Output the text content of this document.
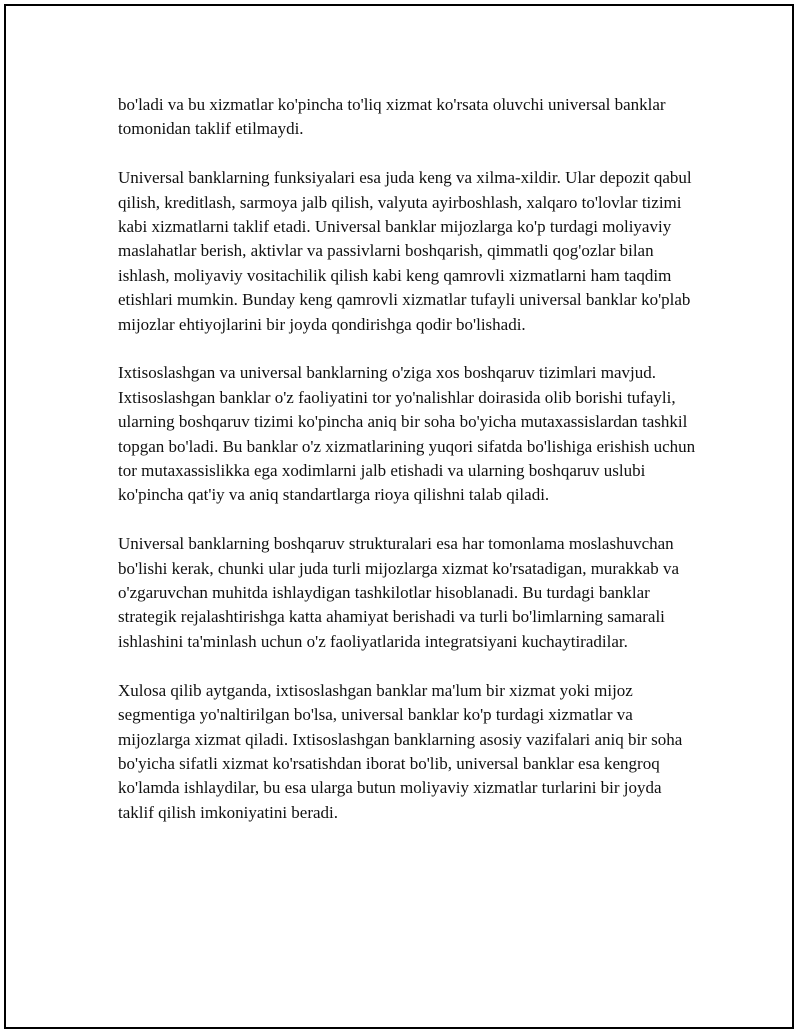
bo'ladi va bu xizmatlar ko'pincha to'liq xizmat ko'rsata oluvchi universal banklar tomonidan taklif etilmaydi.

Universal banklarning funksiyalari esa juda keng va xilma-xildir. Ular depozit qabul qilish, kreditlash, sarmoya jalb qilish, valyuta ayirboshlash, xalqaro to'lovlar tizimi kabi xizmatlarni taklif etadi. Universal banklar mijozlarga ko'p turdagi moliyaviy maslahatlar berish, aktivlar va passivlarni boshqarish, qimmatli qog'ozlar bilan ishlash, moliyaviy vositachilik qilish kabi keng qamrovli xizmatlarni ham taqdim etishlari mumkin. Bunday keng qamrovli xizmatlar tufayli universal banklar ko'plab mijozlar ehtiyojlarini bir joyda qondirishga qodir bo'lishadi.

Ixtisoslashgan va universal banklarning o'ziga xos boshqaruv tizimlari mavjud. Ixtisoslashgan banklar o'z faoliyatini tor yo'nalishlar doirasida olib borishi tufayli, ularning boshqaruv tizimi ko'pincha aniq bir soha bo'yicha mutaxassislardan tashkil topgan bo'ladi. Bu banklar o'z xizmatlarining yuqori sifatda bo'lishiga erishish uchun tor mutaxassislikka ega xodimlarni jalb etishadi va ularning boshqaruv uslubi ko'pincha qat'iy va aniq standartlarga rioya qilishni talab qiladi.

Universal banklarning boshqaruv strukturalari esa har tomonlama moslashuvchan bo'lishi kerak, chunki ular juda turli mijozlarga xizmat ko'rsatadigan, murakkab va o'zgaruvchan muhitda ishlaydigan tashkilotlar hisoblanadi. Bu turdagi banklar strategik rejalashtirishga katta ahamiyat berishadi va turli bo'limlarning samarali ishlashini ta'minlash uchun o'z faoliyatlarida integratsiyani kuchaytiradilar.

Xulosa qilib aytganda, ixtisoslashgan banklar ma'lum bir xizmat yoki mijoz segmentiga yo'naltirilgan bo'lsa, universal banklar ko'p turdagi xizmatlar va mijozlarga xizmat qiladi. Ixtisoslashgan banklarning asosiy vazifalari aniq bir soha bo'yicha sifatli xizmat ko'rsatishdan iborat bo'lib, universal banklar esa kengroq ko'lamda ishlaydilar, bu esa ularga butun moliyaviy xizmatlar turlarini bir joyda taklif qilish imkoniyatini beradi.
